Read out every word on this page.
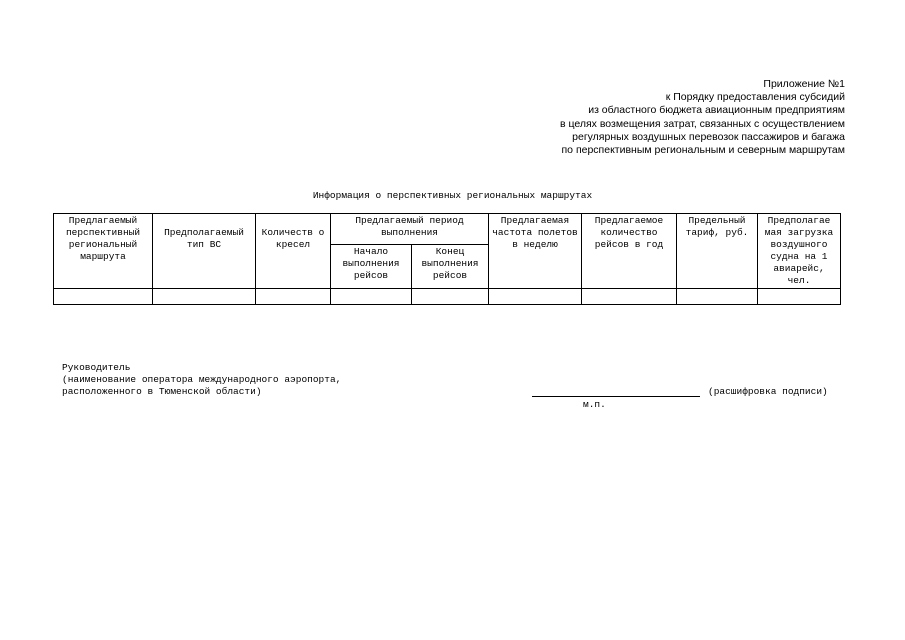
Приложение №1
к Порядку предоставления субсидий
из областного бюджета авиационным предприятиям
в целях возмещения затрат, связанных с осуществлением
регулярных воздушных перевозок пассажиров и багажа
по перспективным региональным и северным маршрутам
Информация о перспективных региональных маршрутах
Предлагаемый перспективный региональный маршрута	Предполагаемый тип ВС	Количеств о кресел	Предлагаемый период выполнения		Предлагаемая частота полетов в неделю	Предлагаемое количество рейсов в год	Предельный тариф, руб.	Предполагае мая загрузка воздушного судна на 1 авиарейс, чел.
			Начало выполнения рейсов	Конец выполнения рейсов				

Руководитель
(наименование оператора международного аэропорта,
расположенного в Тюменской области)	(расшифровка подписи)
м.п.
